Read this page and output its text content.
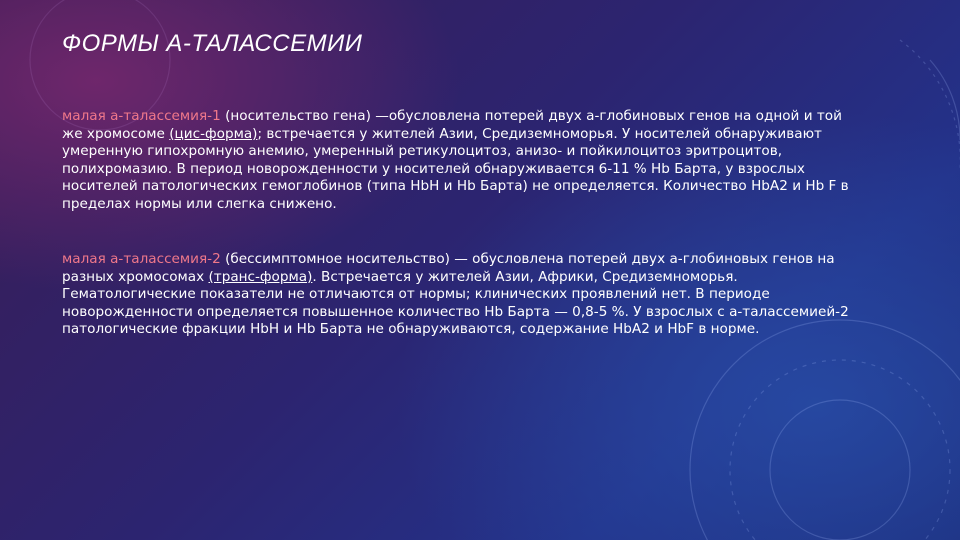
ФОРМЫ А-ТАЛАССЕМИИ

малая а-талассемия-1 (носительство гена) —обусловлена потерей двух а-глобиновых генов на одной и той же хромосоме (цис-форма); встречается у жителей Азии, Средиземноморья. У носителей обнаруживают умеренную гипохромную анемию, умеренный ретикулоцитоз, анизо- и пойкилоцитоз эритроцитов, полихромазию. В период новорожденности у носителей обнаруживается 6-11 % Нb Барта, у взрослых носителей патологических гемоглобинов (типа НbН и Нb Барта) не определяется. Количество НbА2 и Нb F в пределах нормы или слегка снижено.

малая а-талассемия-2 (бессимптомное носительство) — обусловлена потерей двух а-глобиновых генов на разных хромосомах (транс-форма). Встречается у жителей Азии, Африки, Средиземноморья. Гематологические показатели не отличаются от нормы; клинических проявлений нет. В периоде новорожденности определяется повышенное количество Нb Барта — 0,8-5 %. У взрослых с а-талассемией-2 патологические фракции НbН и Нb Барта не обнаруживаются, содержание НbА2 и НbF в норме.
